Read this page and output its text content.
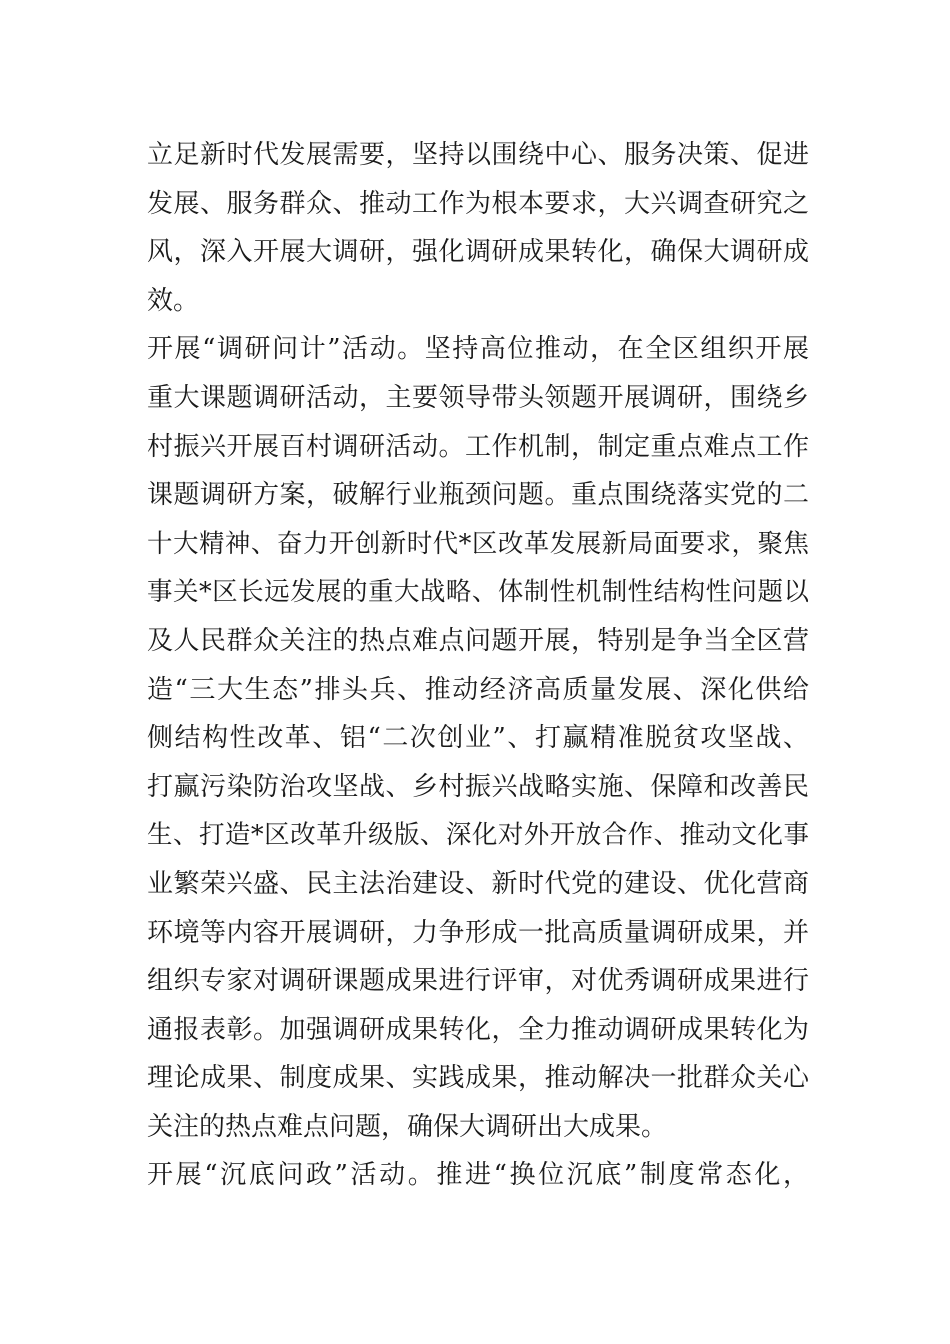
立足新时代发展需要，坚持以围绕中心、服务决策、促进
发展、服务群众、推动工作为根本要求，大兴调查研究之
风，深入开展大调研，强化调研成果转化，确保大调研成
效。
开展“调研问计”活动。坚持高位推动，在全区组织开展
重大课题调研活动，主要领导带头领题开展调研，围绕乡
村振兴开展百村调研活动。工作机制，制定重点难点工作
课题调研方案，破解行业瓶颈问题。重点围绕落实党的二
十大精神、奋力开创新时代*区改革发展新局面要求，聚焦
事关*区长远发展的重大战略、体制性机制性结构性问题以
及人民群众关注的热点难点问题开展，特别是争当全区营
造“三大生态”排头兵、推动经济高质量发展、深化供给
侧结构性改革、铝“二次创业”、打赢精准脱贫攻坚战、
打赢污染防治攻坚战、乡村振兴战略实施、保障和改善民
生、打造*区改革升级版、深化对外开放合作、推动文化事
业繁荣兴盛、民主法治建设、新时代党的建设、优化营商
环境等内容开展调研，力争形成一批高质量调研成果，并
组织专家对调研课题成果进行评审，对优秀调研成果进行
通报表彰。加强调研成果转化，全力推动调研成果转化为
理论成果、制度成果、实践成果，推动解决一批群众关心
关注的热点难点问题，确保大调研出大成果。
开展“沉底问政”活动。推进“换位沉底”制度常态化，
